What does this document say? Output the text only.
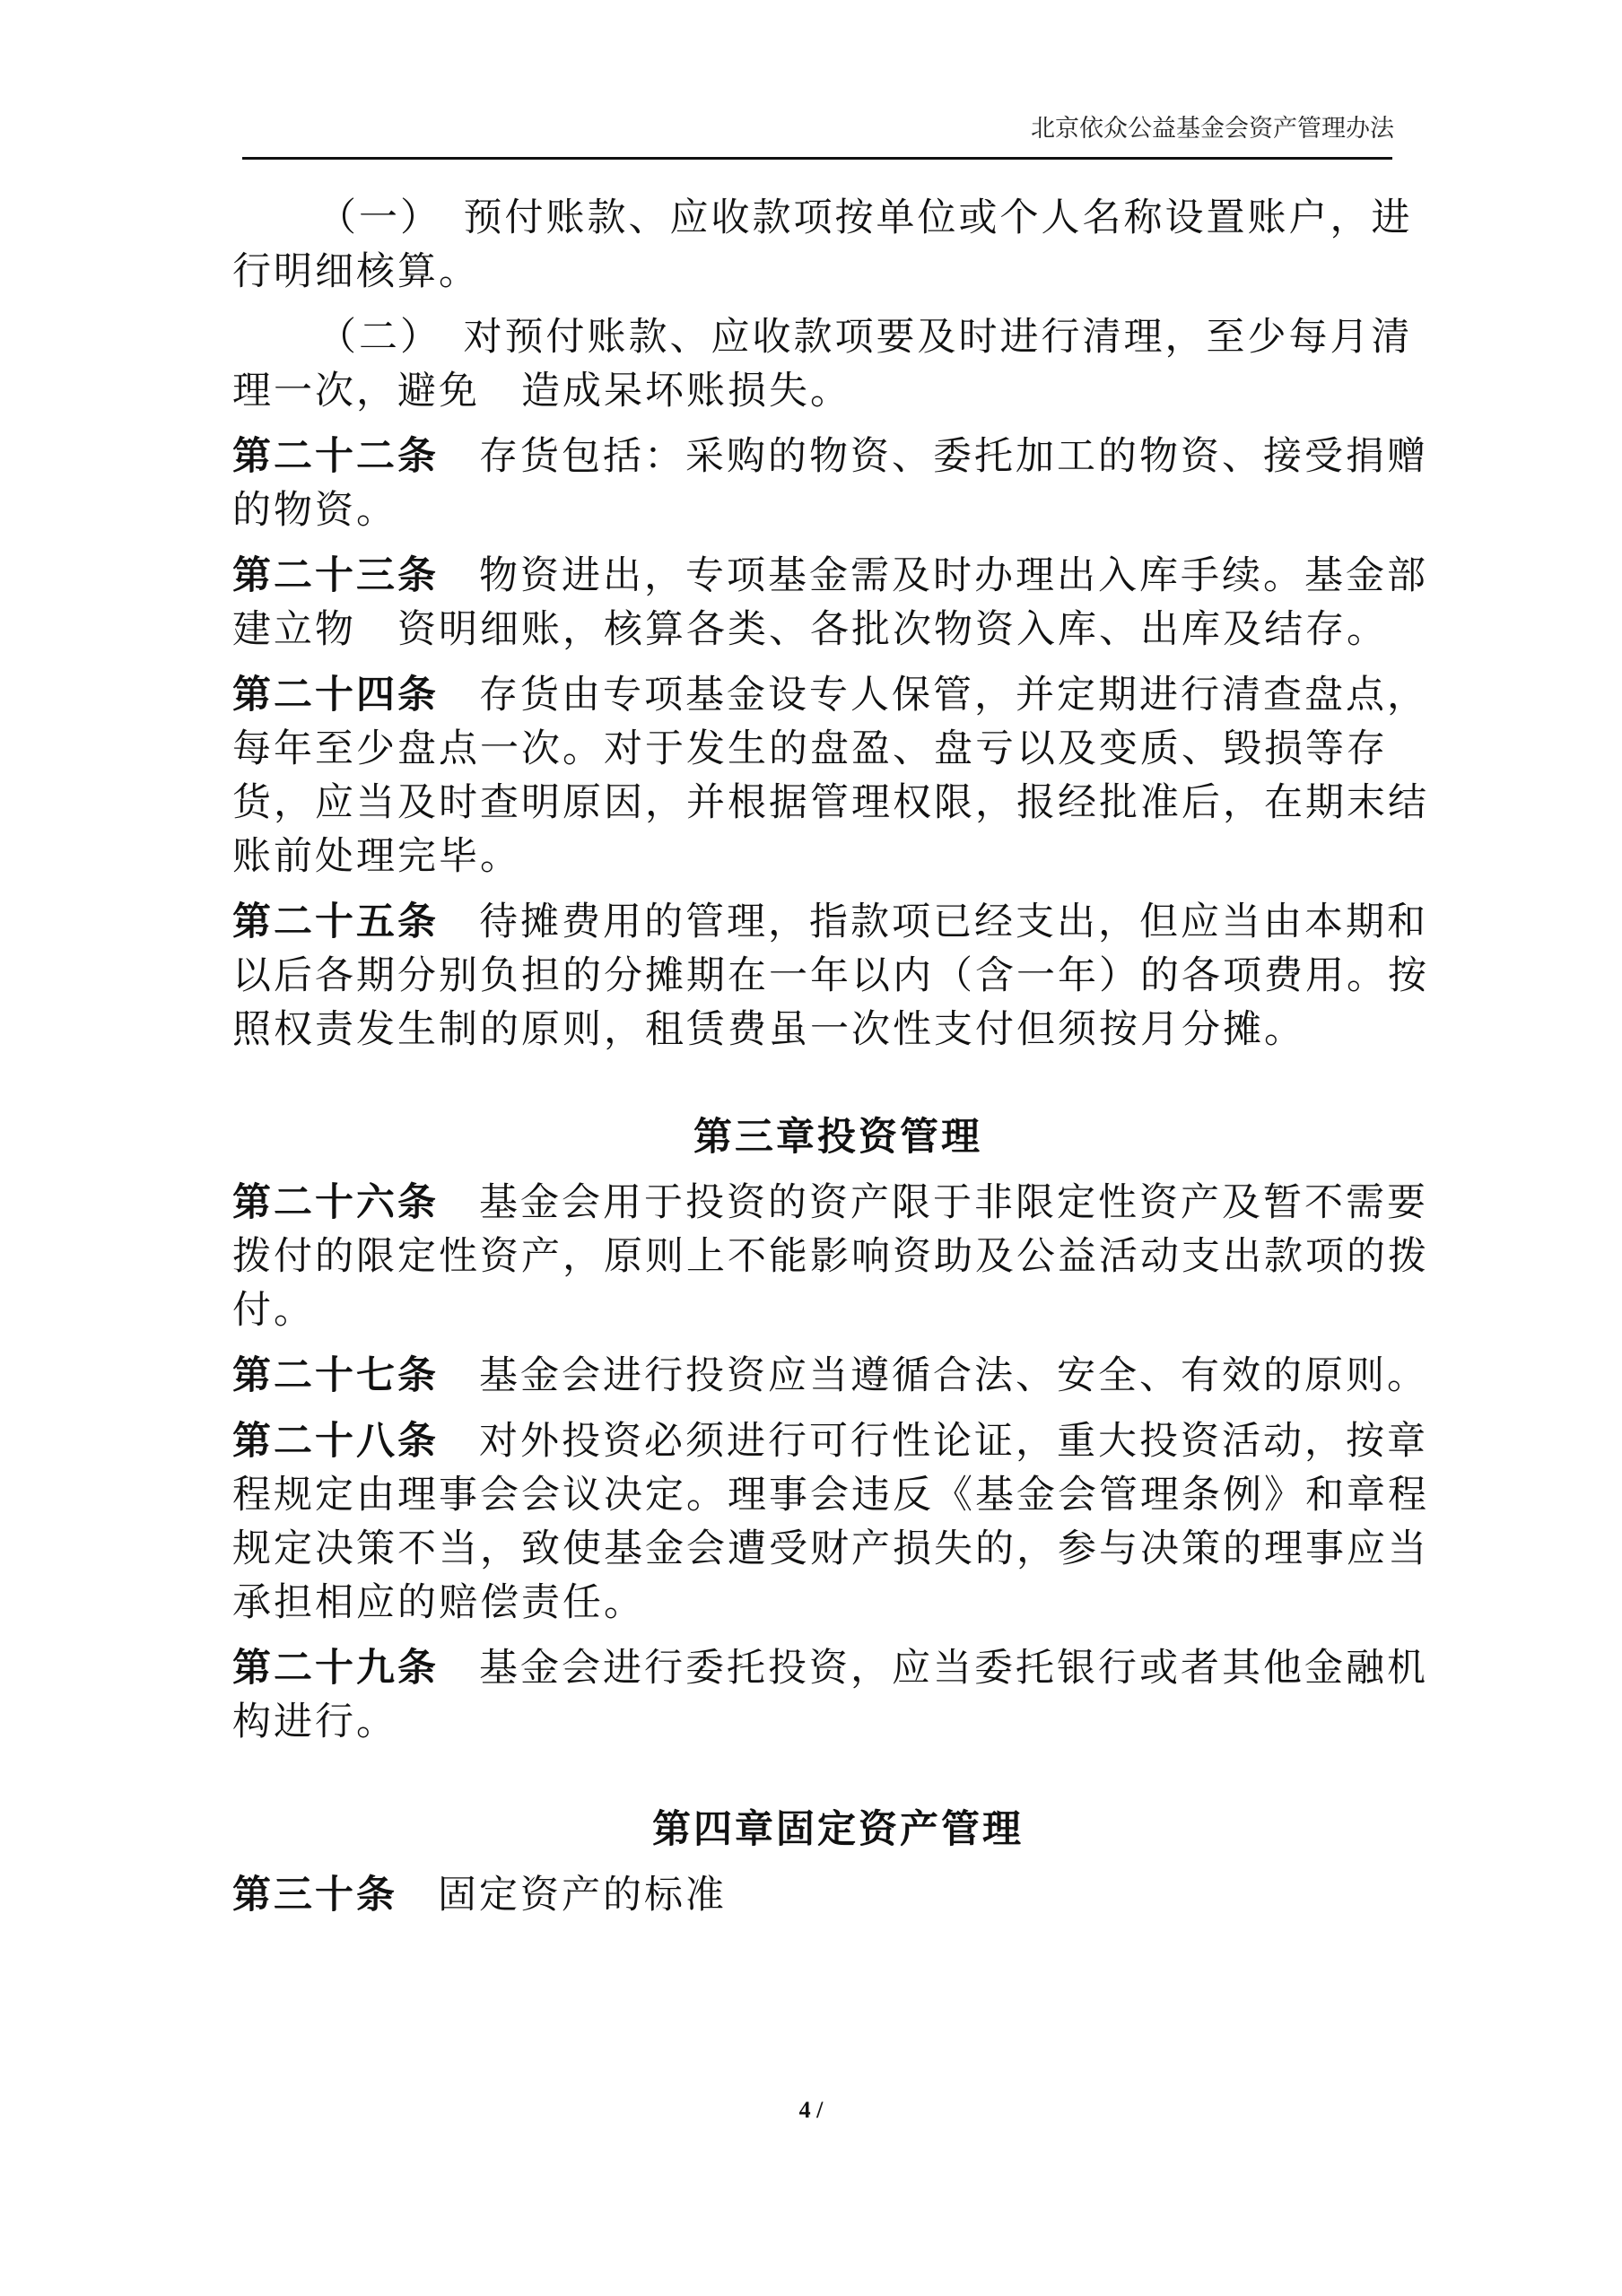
北京依众公益基金会资产管理办法

（一）　预付账款、应收款项按单位或个人名称设置账户，进行明细核算。

（二）　对预付账款、应收款项要及时进行清理，至少每月清理一次，避免　造成呆坏账损失。

第二十二条 存货包括：采购的物资、委托加工的物资、接受捐赠的物资。

第二十三条 物资进出，专项基金需及时办理出入库手续。基金部建立物　资明细账，核算各类、各批次物资入库、出库及结存。

第二十四条 存货由专项基金设专人保管，并定期进行清查盘点，每年至少盘点一次。对于发生的盘盈、盘亏以及变质、毁损等存货，应当及时查明原因，并根据管理权限，报经批准后，在期末结账前处理完毕。

第二十五条 待摊费用的管理，指款项已经支出，但应当由本期和以后各期分别负担的分摊期在一年以内（含一年）的各项费用。按照权责发生制的原则，租赁费虽一次性支付但须按月分摊。

第三章投资管理

第二十六条 基金会用于投资的资产限于非限定性资产及暂不需要拨付的限定性资产，原则上不能影响资助及公益活动支出款项的拨付。

第二十七条 基金会进行投资应当遵循合法、安全、有效的原则。

第二十八条 对外投资必须进行可行性论证，重大投资活动，按章程规定由理事会会议决定。理事会违反《基金会管理条例》和章程规定决策不当，致使基金会遭受财产损失的，参与决策的理事应当承担相应的赔偿责任。

第二十九条 基金会进行委托投资，应当委托银行或者其他金融机构进行。

第四章固定资产管理

第三十条 固定资产的标准

4 /
